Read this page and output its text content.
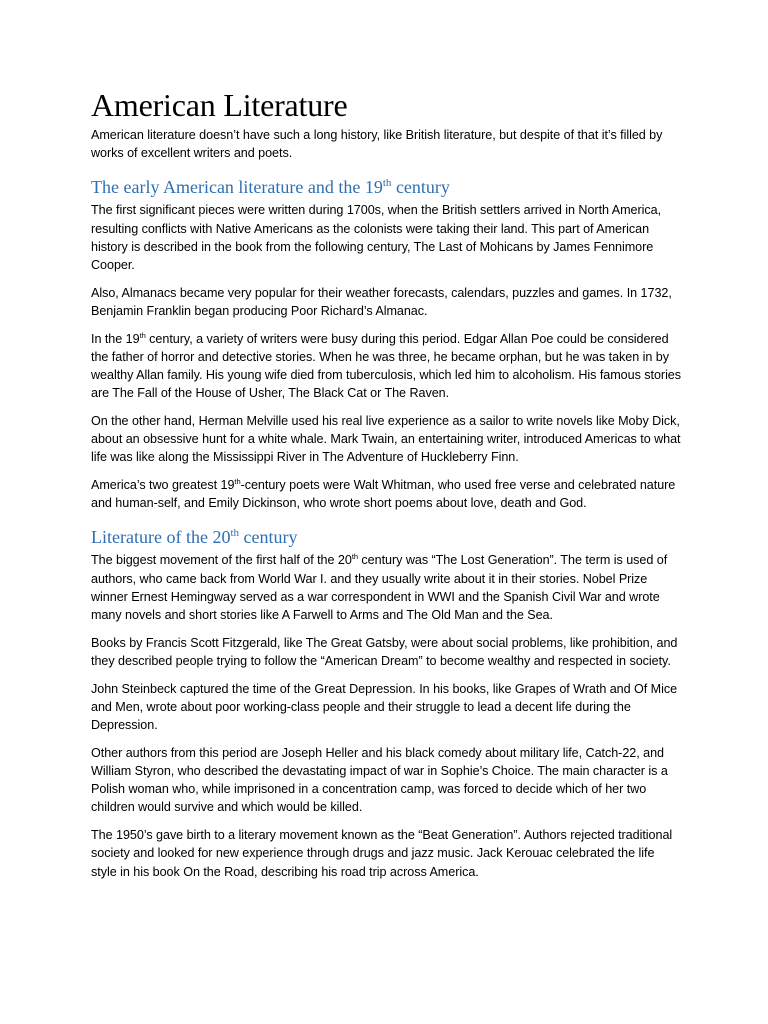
American Literature

American literature doesn’t have such a long history, like British literature, but despite of that it’s filled by works of excellent writers and poets.

The early American literature and the 19th century

The first significant pieces were written during 1700s, when the British settlers arrived in North America, resulting conflicts with Native Americans as the colonists were taking their land. This part of American history is described in the book from the following century, The Last of Mohicans by James Fennimore Cooper.

Also, Almanacs became very popular for their weather forecasts, calendars, puzzles and games. In 1732, Benjamin Franklin began producing Poor Richard’s Almanac.

In the 19th century, a variety of writers were busy during this period. Edgar Allan Poe could be considered the father of horror and detective stories. When he was three, he became orphan, but he was taken in by wealthy Allan family. His young wife died from tuberculosis, which led him to alcoholism. His famous stories are The Fall of the House of Usher, The Black Cat or The Raven.

On the other hand, Herman Melville used his real live experience as a sailor to write novels like Moby Dick, about an obsessive hunt for a white whale. Mark Twain, an entertaining writer, introduced Americas to what life was like along the Mississippi River in The Adventure of Huckleberry Finn.

America’s two greatest 19th-century poets were Walt Whitman, who used free verse and celebrated nature and human-self, and Emily Dickinson, who wrote short poems about love, death and God.

Literature of the 20th century

The biggest movement of the first half of the 20th century was “The Lost Generation”. The term is used of authors, who came back from World War I. and they usually write about it in their stories. Nobel Prize winner Ernest Hemingway served as a war correspondent in WWI and the Spanish Civil War and wrote many novels and short stories like A Farwell to Arms and The Old Man and the Sea.

Books by Francis Scott Fitzgerald, like The Great Gatsby, were about social problems, like prohibition, and they described people trying to follow the “American Dream” to become wealthy and respected in society.

John Steinbeck captured the time of the Great Depression. In his books, like Grapes of Wrath and Of Mice and Men, wrote about poor working-class people and their struggle to lead a decent life during the Depression.

Other authors from this period are Joseph Heller and his black comedy about military life, Catch-22, and William Styron, who described the devastating impact of war in Sophie’s Choice. The main character is a Polish woman who, while imprisoned in a concentration camp, was forced to decide which of her two children would survive and which would be killed.

The 1950’s gave birth to a literary movement known as the “Beat Generation”. Authors rejected traditional society and looked for new experience through drugs and jazz music. Jack Kerouac celebrated the life style in his book On the Road, describing his road trip across America.
